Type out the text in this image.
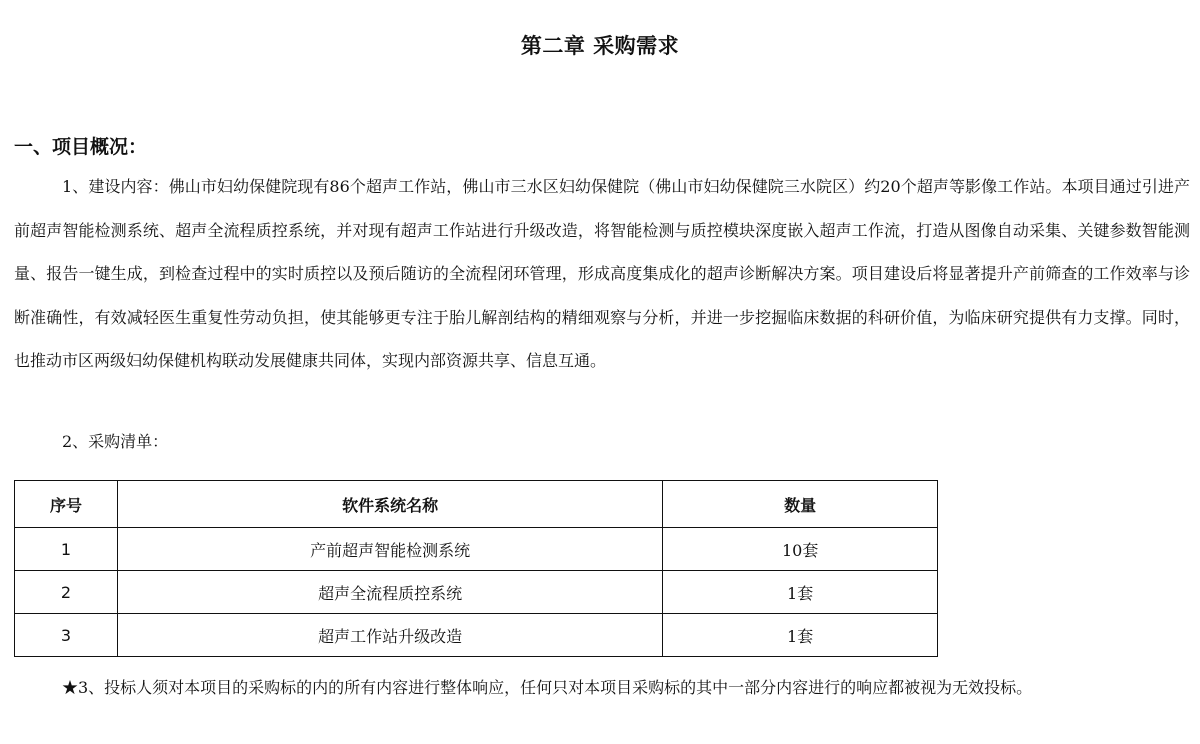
第二章 采购需求
一、项目概况：

1、建设内容：佛山市妇幼保健院现有86个超声工作站，佛山市三水区妇幼保健院（佛山市妇幼保健院三水院区）约20个超声等影像工作站。本项目通过引进产前超声智能检测系统、超声全流程质控系统，并对现有超声工作站进行升级改造，将智能检测与质控模块深度嵌入超声工作流，打造从图像自动采集、关键参数智能测量、报告一键生成，到检查过程中的实时质控以及预后随访的全流程闭环管理，形成高度集成化的超声诊断解决方案。项目建设后将显著提升产前筛查的工作效率与诊断准确性，有效减轻医生重复性劳动负担，使其能够更专注于胎儿解剖结构的精细观察与分析，并进一步挖掘临床数据的科研价值，为临床研究提供有力支撑。同时，也推动市区两级妇幼保健机构联动发展健康共同体，实现内部资源共享、信息互通。

2、采购清单：

序号	软件系统名称	数量
1	产前超声智能检测系统	10套
2	超声全流程质控系统	1套
3	超声工作站升级改造	1套

★3、投标人须对本项目的采购标的内的所有内容进行整体响应，任何只对本项目采购标的其中一部分内容进行的响应都被视为无效投标。
